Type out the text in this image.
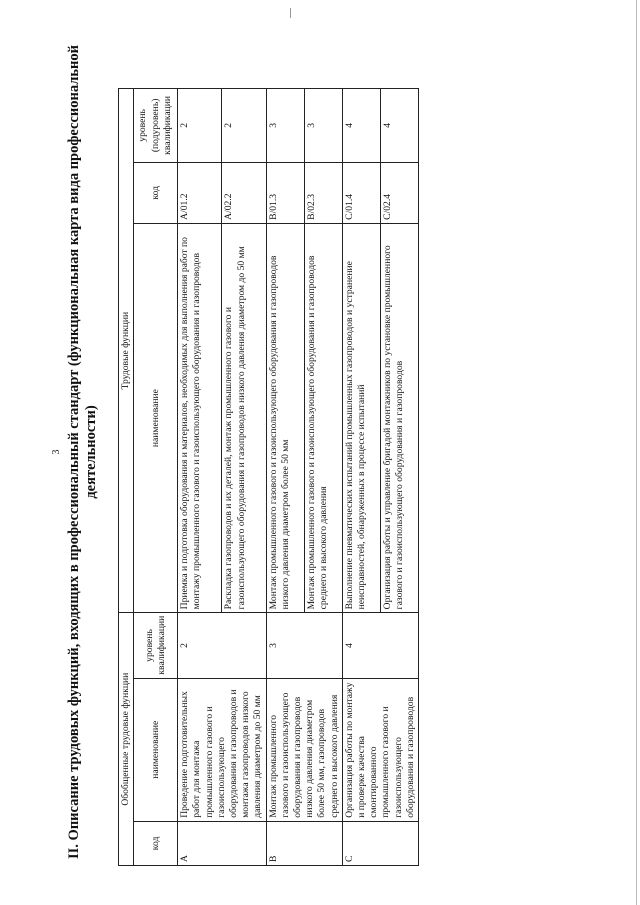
3 II. Описание трудовых функций, входящих в профессиональный стандарт (функциональная карта вида профессиональной деятельности)
Обобщенные трудовые функции			Трудовые функции		
код	наименование	уровень квалификации	наименование	код	уровень (подуровень) квалификации
A	Проведение подготовительных работ для монтажа промышленного газового и газоиспользующего оборудования и газопроводов и монтажа газопроводов низкого давления диаметром до 50 мм	2	Приемка и подготовка оборудования и материалов, необходимых для выполнения работ по монтажу промышленного газового и газоиспользующего оборудования и газопроводов	A/01.2	2
			Раскладка газопроводов и их деталей, монтаж промышленного газового и газоиспользующего оборудования и газопроводов низкого давления диаметром до 50 мм	A/02.2	2
B	Монтаж промышленного газового и газоиспользующего оборудования и газопроводов низкого давления диаметром более 50 мм, газопроводов среднего и высокого давления	3	Монтаж промышленного газового и газоиспользующего оборудования и газопроводов низкого давления диаметром более 50 мм	B/01.3	3
			Монтаж промышленного газового и газоиспользующего оборудования и газопроводов среднего и высокого давления	B/02.3	3
C	Организация работы по монтажу и проверке качества смонтированного промышленного газового и газоиспользующего оборудования и газопроводов	4	Выполнение пневматических испытаний промышленных газопроводов и устранение неисправностей, обнаруженных в процессе испытаний	C/01.4	4
			Организация работы и управление бригадой монтажников по установке промышленного газового и газоиспользующего оборудования и газопроводов	C/02.4	4
